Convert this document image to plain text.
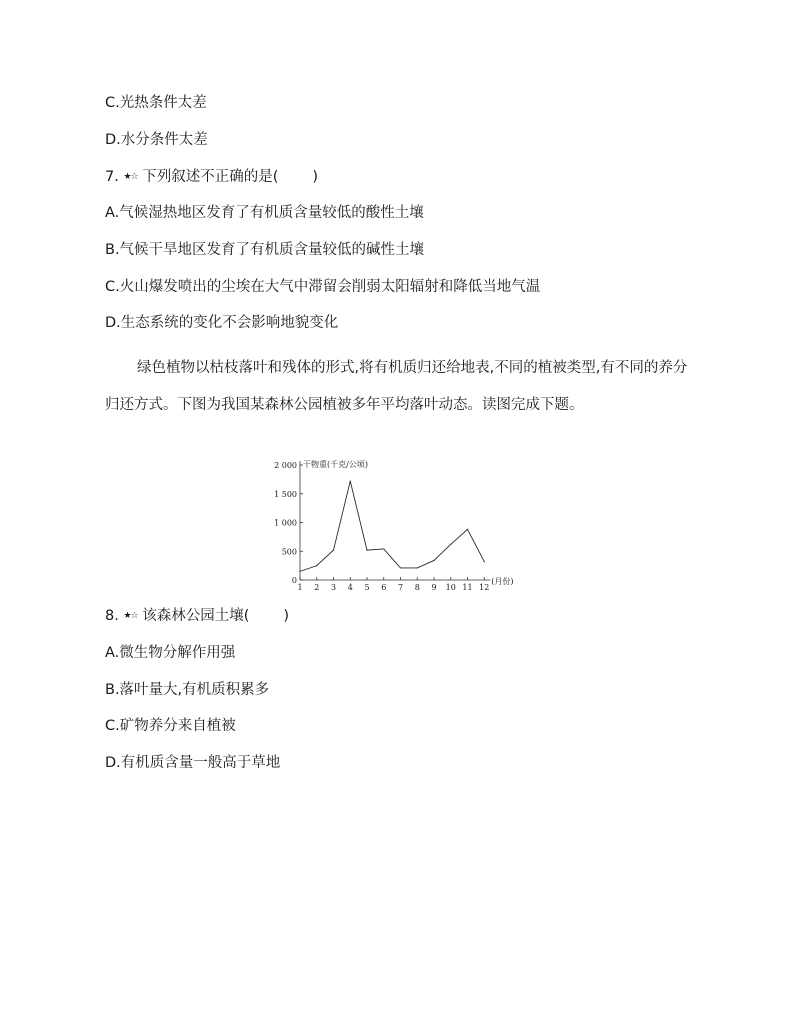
C.光热条件太差
D.水分条件太差
7. ★☆ 下列叙述不正确的是( )
A.气候湿热地区发育了有机质含量较低的酸性土壤
B.气候干旱地区发育了有机质含量较低的碱性土壤
C.火山爆发喷出的尘埃在大气中滞留会削弱太阳辐射和降低当地气温
D.生态系统的变化不会影响地貌变化
绿色植物以枯枝落叶和残体的形式,将有机质归还给地表,不同的植被类型,有不同的养分归还方式。下图为我国某森林公园植被多年平均落叶动态。读图完成下题。
0
500
1 000
1 500
2 000
1 2 3 4 5 6 7 8 9 10 11 12
干物重(千克/公顷)
(月份)
8. ★☆ 该森林公园土壤( )
A.微生物分解作用强
B.落叶量大,有机质积累多
C.矿物养分来自植被
D.有机质含量一般高于草地
